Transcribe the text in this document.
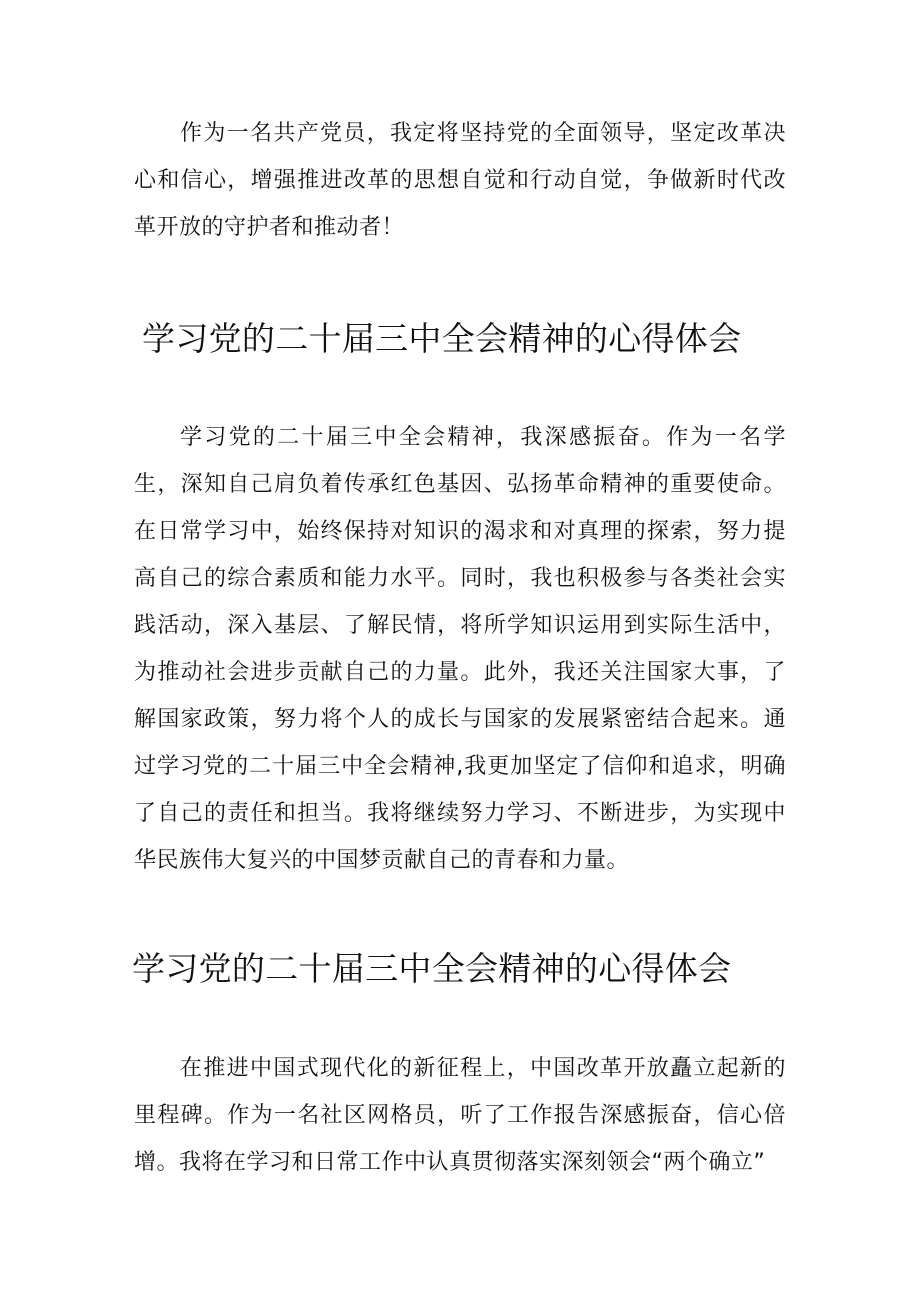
作为一名共产党员，我定将坚持党的全面领导，坚定改革决心和信心，增强推进改革的思想自觉和行动自觉，争做新时代改革开放的守护者和推动者！

学习党的二十届三中全会精神的心得体会

学习党的二十届三中全会精神，我深感振奋。作为一名学生，深知自己肩负着传承红色基因、弘扬革命精神的重要使命。在日常学习中，始终保持对知识的渴求和对真理的探索，努力提高自己的综合素质和能力水平。同时，我也积极参与各类社会实践活动，深入基层、了解民情，将所学知识运用到实际生活中，为推动社会进步贡献自己的力量。此外，我还关注国家大事，了解国家政策，努力将个人的成长与国家的发展紧密结合起来。通过学习党的二十届三中全会精神,我更加坚定了信仰和追求，明确了自己的责任和担当。我将继续努力学习、不断进步，为实现中华民族伟大复兴的中国梦贡献自己的青春和力量。

学习党的二十届三中全会精神的心得体会

在推进中国式现代化的新征程上，中国改革开放矗立起新的里程碑。作为一名社区网格员，听了工作报告深感振奋，信心倍增。我将在学习和日常工作中认真贯彻落实深刻领会“两个确立”
